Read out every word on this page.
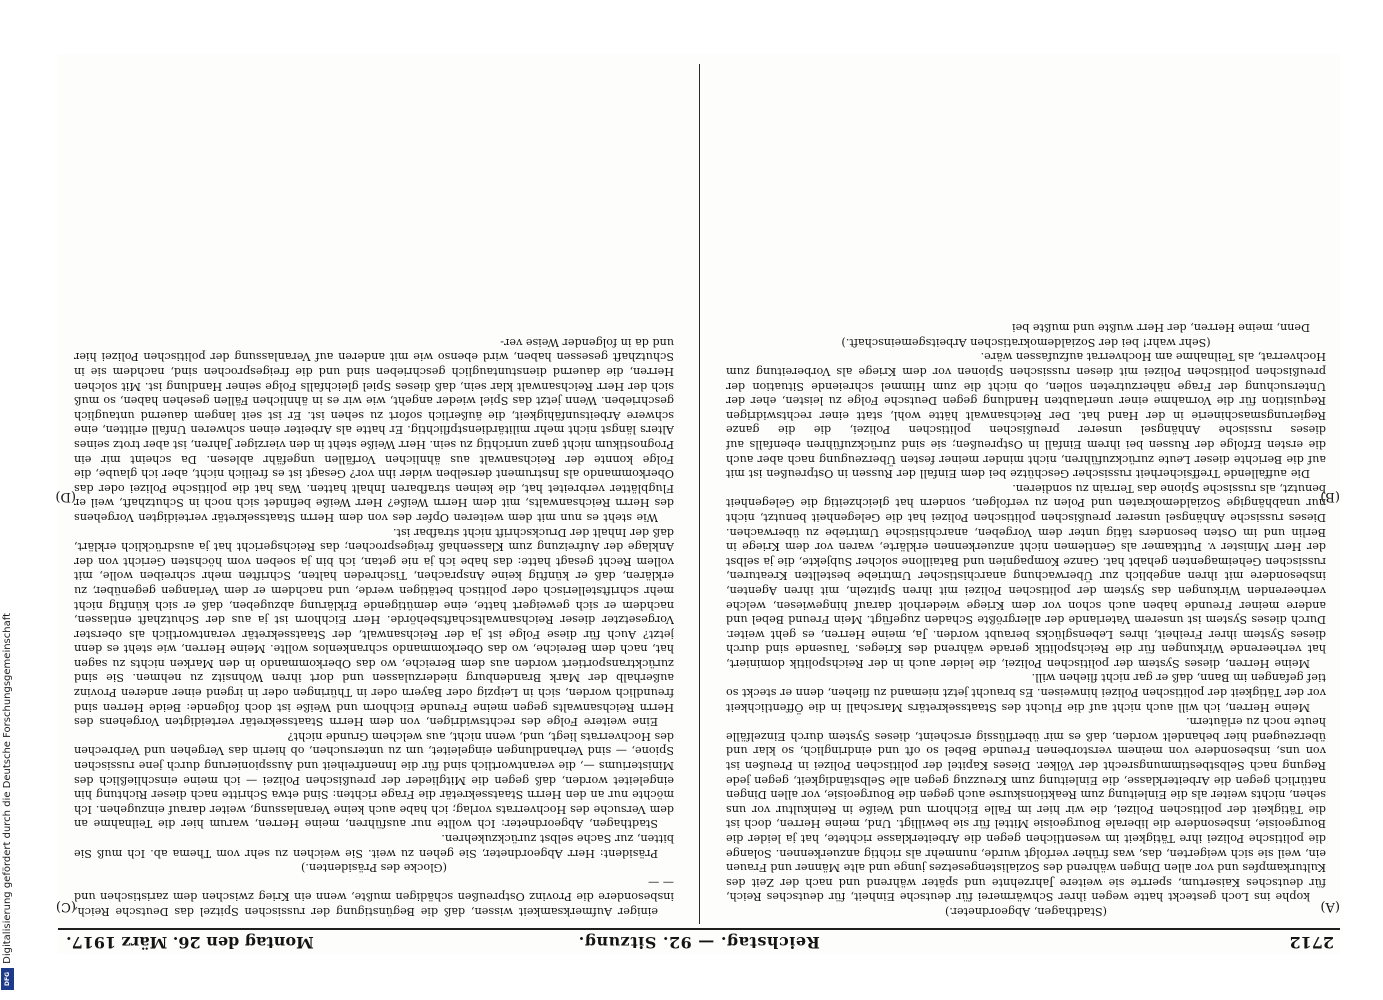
2712
Reichstag. — 92. Sitzung.
Montag den 26. März 1917.
(A)
(B)
(C)
(D)

(Stadthagen, Abgeordneter.)

kophe ins Loch gesteckt hatte wegen ihrer Schwärmerei für deutsche Einheit, für deutsches Reich, für deutsches Kaisertum, sperrte sie weitere Jahrzehnte und später während und nach der Zeit des Kulturkampfes und vor allen Dingen während des Sozialistengesetzes junge und alte Männer und Frauen ein, weil sie sich weigerten, das, was früher verfolgt wurde, nunmehr als richtig anzuerkennen. Solange die politische Polizei ihre Tätigkeit im wesentlichen gegen die Arbeiterklasse richtete, hat ja leider die Bourgeoisie, insbesondere die liberale Bourgeoisie Mittel für sie bewilligt. Und, meine Herren, doch ist die Tätigkeit der politischen Polizei, die wir hier im Falle Eichhorn und Weiße in Reinkultur vor uns sehen, nichts weiter als die Einleitung zum Reaktionskurse auch gegen die Bourgeoisie, vor allen Dingen natürlich gegen die Arbeiterklasse, die Einleitung zum Kreuzzug gegen alle Selbständigkeit, gegen jede Regung nach Selbstbestimmungsrecht der Völker. Dieses Kapitel der politischen Polizei in Preußen ist von uns, insbesondere von meinem verstorbenen Freunde Bebel so oft und eindringlich, so klar und überzeugend hier behandelt worden, daß es mir überflüssig erscheint, dieses System durch Einzelfälle heute noch zu erläutern.

Meine Herren, ich will auch nicht auf die Flucht des Staatssekretärs Marschall in die Öffentlichkeit vor der Tätigkeit der politischen Polizei hinweisen. Es braucht jetzt niemand zu fliehen, denn er steckt so tief gefangen im Bann, daß er gar nicht fliehen will.

Meine Herren, dieses System der politischen Polizei, die leider auch in der Reichspolitik dominiert, hat verheerende Wirkungen für die Reichspolitik gerade während des Krieges. Tausende sind durch dieses System ihrer Freiheit, ihres Lebensglücks beraubt worden. Ja, meine Herren, es geht weiter. Durch dieses System ist unserem Vaterlande der allergrößte Schaden zugefügt. Mein Freund Bebel und andere meiner Freunde haben auch schon vor dem Kriege wiederholt darauf hingewiesen, welche verheerenden Wirkungen das System der politischen Polizei mit ihren Spitzeln, mit ihren Agenten, insbesondere mit ihren angeblich zur Überwachung anarchistischer Umtriebe bestellten Kreaturen, russischen Geheimagenten gehabt hat. Ganze Kompagnien und Bataillone solcher Subjekte, die ja selbst der Herr Minister v. Puttkamer als Gentlemen nicht anzuerkennen erklärte, waren vor dem Kriege in Berlin und im Osten besonders tätig unter dem Vorgeben, anarchistische Umtriebe zu überwachen. Dieses russische Anhängsel unserer preußischen politischen Polizei hat die Gelegenheit benutzt, nicht nur unabhängige Sozialdemokraten und Polen zu verfolgen, sondern hat gleichzeitig die Gelegenheit benutzt, als russische Spione das Terrain zu sondieren.

Die auffallende Treffsicherheit russischer Geschütze bei dem Einfall der Russen in Ostpreußen ist mit auf die Berichte dieser Leute zurückzuführen, nicht minder meiner festen Überzeugung nach aber auch die ersten Erfolge der Russen bei ihrem Einfall in Ostpreußen; sie sind zurückzuführen ebenfalls auf dieses russische Anhängsel unserer preußischen politischen Polizei, die die ganze Regierungsmaschinerie in der Hand hat. Der Reichsanwalt hätte wohl, statt einer rechtswidrigen Requisition für die Vornahme einer unerlaubten Handlung gegen Deutsche Folge zu leisten, eher der Untersuchung der Frage näherzutreten sollen, ob nicht die zum Himmel schreiende Situation der preußischen politischen Polizei mit diesen russischen Spionen vor dem Kriege als Vorbereitung zum Hochverrat, als Teilnahme am Hochverrat aufzufassen wäre.

(Sehr wahr! bei der Sozialdemokratischen Arbeitsgemeinschaft.)

Denn, meine Herren, der Herr wußte und mußte bei

einiger Aufmerksamkeit wissen, daß die Begünstigung der russischen Spitzel das Deutsche Reich, insbesondere die Provinz Ostpreußen schädigen mußte, wenn ein Krieg zwischen dem zaristischen und — —

(Glocke des Präsidenten.)

Präsident: Herr Abgeordneter, Sie gehen zu weit. Sie weichen zu sehr vom Thema ab. Ich muß Sie bitten, zur Sache selbst zurückzukehren.

Stadthagen, Abgeordneter: Ich wollte nur ausführen, meine Herren, warum hier die Teilnahme an dem Versuche des Hochverrats vorlag; ich habe auch keine Veranlassung, weiter darauf einzugehen. Ich möchte nur an den Herrn Staatssekretär die Frage richten: Sind etwa Schritte nach dieser Richtung hin eingeleitet worden, daß gegen die Mitglieder der preußischen Polizei — ich meine einschließlich des Ministeriums —, die verantwortlich sind für die Innenfreiheit und Ausspionierung durch jene russischen Spione, — sind Verhandlungen eingeleitet, um zu untersuchen, ob hierin das Vergehen und Verbrechen des Hochverrats liegt, und, wenn nicht, aus welchem Grunde nicht?

Eine weitere Folge des rechtswidrigen, von dem Herrn Staatssekretär verteidigten Vorgehens des Herrn Reichsanwalts gegen meine Freunde Eichhorn und Weiße ist doch folgende: Beide Herren sind freundlich worden, sich in Leipzig oder Bayern oder in Thüringen oder in irgend einer anderen Provinz außerhalb der Mark Brandenburg niederzulassen und dort ihren Wohnsitz zu nehmen. Sie sind zurücktransportiert worden aus dem Bereiche, wo das Oberkommando in den Marken nichts zu sagen hat, nach dem Bereiche, wo das Oberkommando schrankenlos wollte. Meine Herren, wie steht es denn jetzt? Auch für diese Folge ist ja der Reichsanwalt, der Staatssekretär verantwortlich als oberster Vorgesetzter dieser Reichsanwaltschaftsbehörde. Herr Eichhorn ist ja aus der Schutzhaft entlassen, nachdem er sich geweigert hatte, eine demütigende Erklärung abzugeben, daß er sich künftig nicht mehr schriftstellerisch oder politisch betätigen werde, und nachdem er dem Verlangen gegenüber, zu erklären, daß er künftig keine Ansprachen, Tischreden halten, Schriften mehr schreiben wolle, mit vollem Recht gesagt hatte: das habe ich ja nie getan, ich bin ja soeben vom höchsten Gericht von der Anklage der Aufreizung zum Klassenhaß freigesprochen; das Reichsgericht hat ja ausdrücklich erklärt, daß der Inhalt der Druckschrift nicht strafbar ist.

Wie steht es nun mit dem weiteren Opfer des von dem Herrn Staatssekretär verteidigten Vorgehens des Herrn Reichsanwalts, mit dem Herrn Weiße? Herr Weiße befindet sich noch in Schutzhaft, weil er Flugblätter verbreitet hat, die keinen strafbaren Inhalt hatten. Was hat die politische Polizei oder das Oberkommando als Instrument derselben wider ihn vor? Gesagt ist es freilich nicht, aber ich glaube, die Folge konnte der Reichsanwalt aus ähnlichen Vorfällen ungefähr ablesen. Da scheint mir ein Prognostikum nicht ganz unrichtig zu sein. Herr Weiße steht in den vierziger Jahren, ist aber trotz seines Alters längst nicht mehr militärdienstpflichtig. Er hatte als Arbeiter einen schweren Unfall erlitten, eine schwere Arbeitsunfähigkeit, die äußerlich sofort zu sehen ist. Er ist seit langem dauernd untauglich geschrieben. Wenn jetzt das Spiel wieder angeht, wie wir es in ähnlichen Fällen gesehen haben, so muß sich der Herr Reichsanwalt klar sein, daß dieses Spiel gleichfalls Folge seiner Handlung ist. Mit solchen Herren, die dauernd dienstuntauglich geschrieben sind und die freigesprochen sind, nachdem sie in Schutzhaft gesessen haben, wird ebenso wie mit anderen auf Veranlassung der politischen Polizei hier und da in folgender Weise ver-

Digitalisierung gefördert durch die Deutsche Forschungsgemeinschaft
DFG
